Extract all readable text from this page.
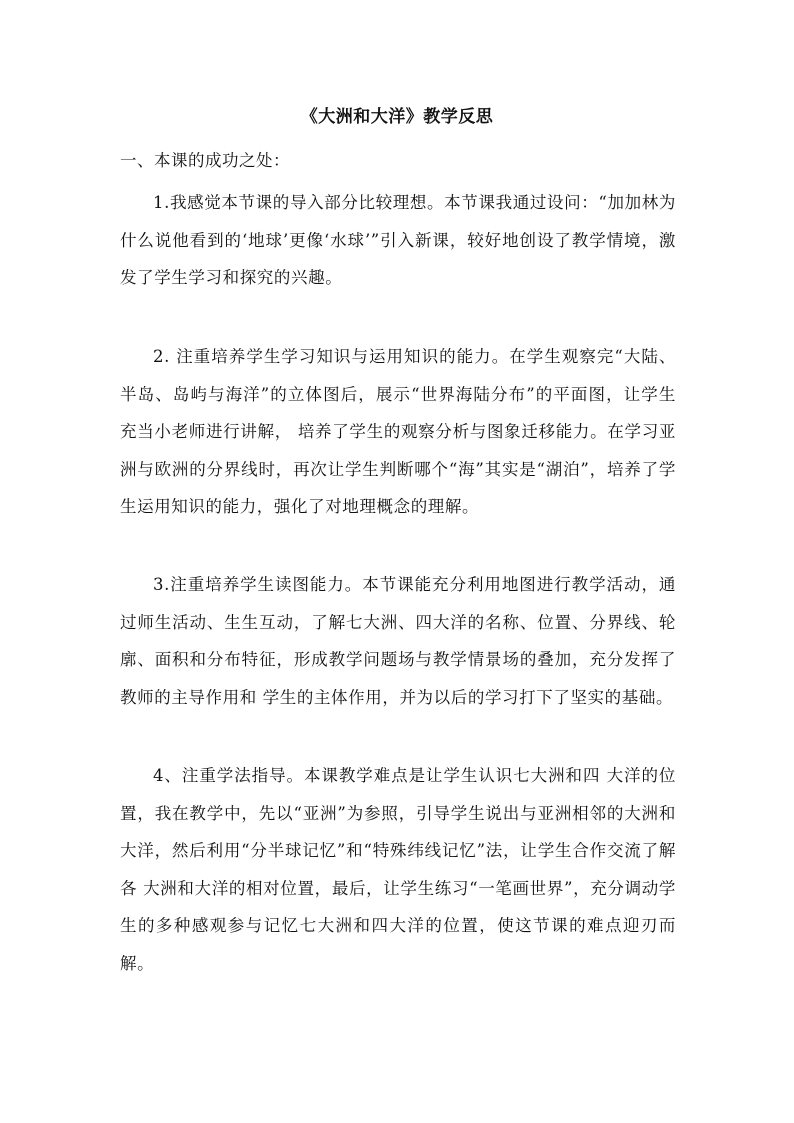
《大洲和大洋》教学反思
一、本课的成功之处：

1.我感觉本节课的导入部分比较理想。本节课我通过设问：“加加林为什么说他看到的‘地球’更像‘水球’”引入新课，较好地创设了教学情境，激发了学生学习和探究的兴趣。

2. 注重培养学生学习知识与运用知识的能力。在学生观察完“大陆、半岛、岛屿与海洋”的立体图后，展示“世界海陆分布”的平面图，让学生充当小老师进行讲解， 培养了学生的观察分析与图象迁移能力。在学习亚洲与欧洲的分界线时，再次让学生判断哪个“海”其实是“湖泊”，培养了学生运用知识的能力，强化了对地理概念的理解。

3.注重培养学生读图能力。本节课能充分利用地图进行教学活动，通 过师生活动、生生互动，了解七大洲、四大洋的名称、位置、分界线、轮廓、面积和分布特征，形成教学问题场与教学情景场的叠加，充分发挥了教师的主导作用和 学生的主体作用，并为以后的学习打下了坚实的基础。

4、注重学法指导。本课教学难点是让学生认识七大洲和四 大洋的位置，我在教学中，先以“亚洲”为参照，引导学生说出与亚洲相邻的大洲和大洋，然后利用“分半球记忆”和“特殊纬线记忆”法，让学生合作交流了解各 大洲和大洋的相对位置，最后，让学生练习“一笔画世界”，充分调动学生的多种感观参与记忆七大洲和四大洋的位置，使这节课的难点迎刃而解。
